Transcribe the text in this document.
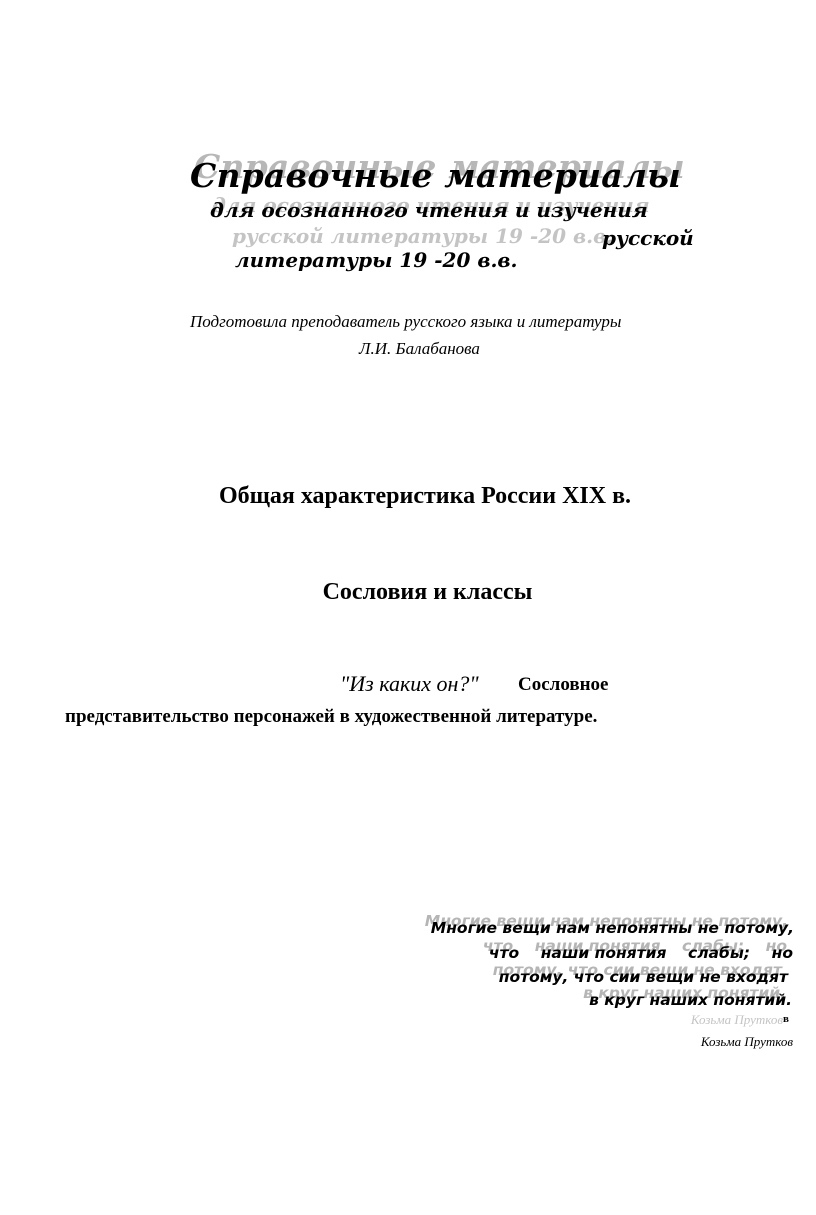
Справочные материалы
для осознанного чтения и изучения
русской литературы 19 -20 в.в.
русской
литературы 19 -20 в.в.
Подготовила преподаватель русского языка и литературы
Л.И. Балабанова
Общая характеристика России XIX в.
Сословия и классы
"Из каких он?" Сословное
представительство персонажей в художественной литературе.
Многие вещи нам непонятны не потому,
что    наши понятия    слабы;    но
потому, что сии вещи не входят
в круг наших понятий.
Козьма Прутков в
Козьма Прутков
